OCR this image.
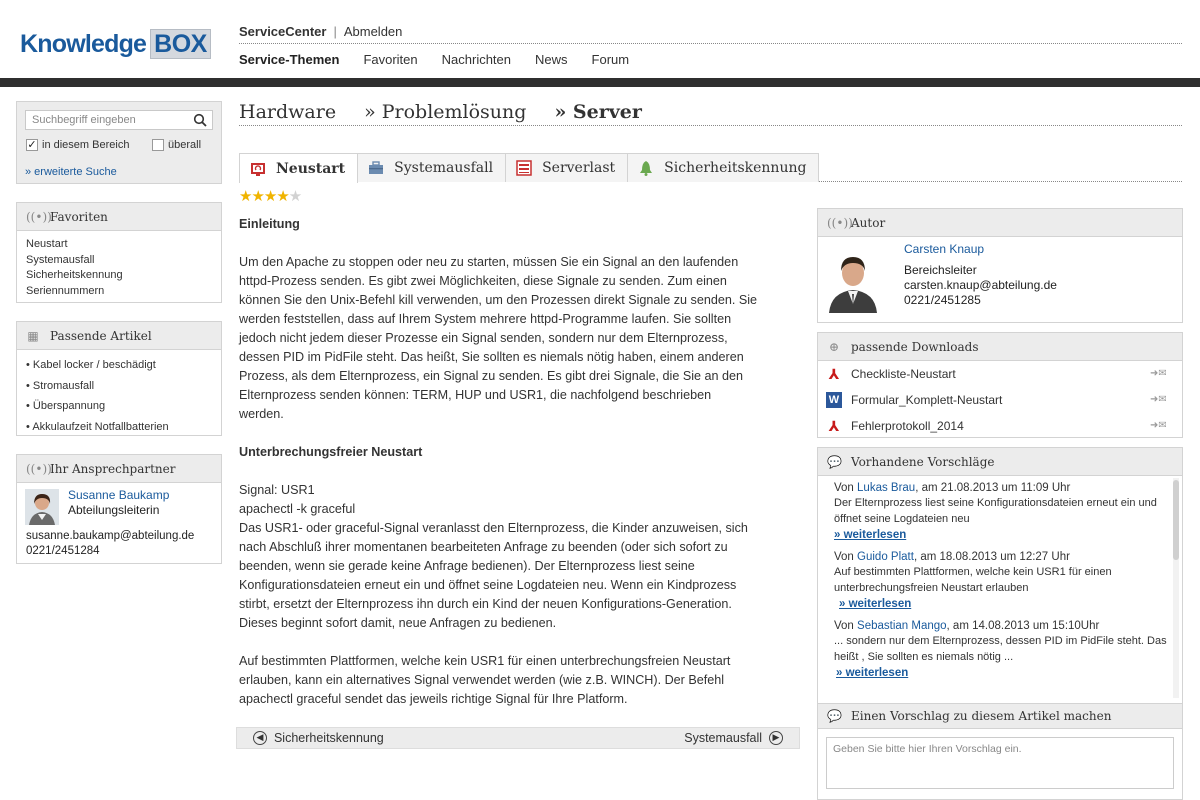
Knowledge BOX	ServiceCenter | Abmelden
Service-Themen Favoriten Nachrichten News Forum
Suchbegriff eingeben
✓ in diesem Bereich	überall
» erweiterte Suche
((•))
Favoriten
Neustart
Systemausfall
Sicherheitskennung
Seriennummern
▦ Passende Artikel
• Kabel locker / beschädigt
• Stromausfall
• Überspannung
• Akkulaufzeit Notfallbatterien
((•))
Ihr Ansprechpartner
Susanne Baukamp
Abteilungsleiterin
susanne.baukamp@abteilung.de
0221/2451284
Hardware » Problemlösung » Server
Neustart	Systemausfall	Serverlast	Sicherheitskennung
★★★★★
Einleitung

Um den Apache zu stoppen oder neu zu starten, müssen Sie ein Signal an den laufenden httpd-Prozess senden. Es gibt zwei Möglichkeiten, diese Signale zu senden. Zum einen können Sie den Unix-Befehl kill verwenden, um den Prozessen direkt Signale zu senden. Sie werden feststellen, dass auf Ihrem System mehrere httpd-Programme laufen. Sie sollten jedoch nicht jedem dieser Prozesse ein Signal senden, sondern nur dem Elternprozess, dessen PID im PidFile steht. Das heißt, Sie sollten es niemals nötig haben, einem anderen Prozess, als dem Elternprozess, ein Signal zu senden. Es gibt drei Signale, die Sie an den Elternprozess senden können: TERM, HUP und USR1, die nachfolgend beschrieben werden.

Unterbrechungsfreier Neustart

Signal: USR1

apachectl -k graceful

Das USR1- oder graceful-Signal veranlasst den Elternprozess, die Kinder anzuweisen, sich nach Abschluß ihrer momentanen bearbeiteten Anfrage zu beenden (oder sich sofort zu beenden, wenn sie gerade keine Anfrage bedienen). Der Elternprozess liest seine Konfigurationsdateien erneut ein und öffnet seine Logdateien neu. Wenn ein Kindprozess stirbt, ersetzt der Elternprozess ihn durch ein Kind der neuen Konfigurations-Generation. Dieses beginnt sofort damit, neue Anfragen zu bedienen.

Auf bestimmten Plattformen, welche kein USR1 für einen unterbrechungsfreien Neustart erlauben, kann ein alternatives Signal verwendet werden (wie z.B. WINCH). Der Befehl apachectl graceful sendet das jeweils richtige Signal für Ihre Platform.

◀ Sicherheitskennung	Systemausfall ▶
((•))
Autor
Carsten Knaup
Bereichsleiter
carsten.knaup@abteilung.de
0221/2451285
⊕ passende Downloads
⅄ Checkliste-Neustart	➜✉
W Formular_Komplett-Neustart	➜✉
⅄ Fehlerprotokoll_2014	➜✉
💬 Vorhandene Vorschläge
Von Lukas Brau, am 21.08.2013 um 11:09 Uhr
Der Elternprozess liest seine Konfigurationsdateien erneut ein und öffnet seine Logdateien neu
» weiterlesen
Von Guido Platt, am 18.08.2013 um 12:27 Uhr
Auf bestimmten Plattformen, welche kein USR1 für einen unterbrechungsfreien Neustart erlauben
» weiterlesen
Von Sebastian Mango, am 14.08.2013 um 15:10Uhr
... sondern nur dem Elternprozess, dessen PID im PidFile steht. Das heißt , Sie sollten es niemals nötig ...
» weiterlesen
💬 Einen Vorschlag zu diesem Artikel machen
Geben Sie bitte hier Ihren Vorschlag ein.
